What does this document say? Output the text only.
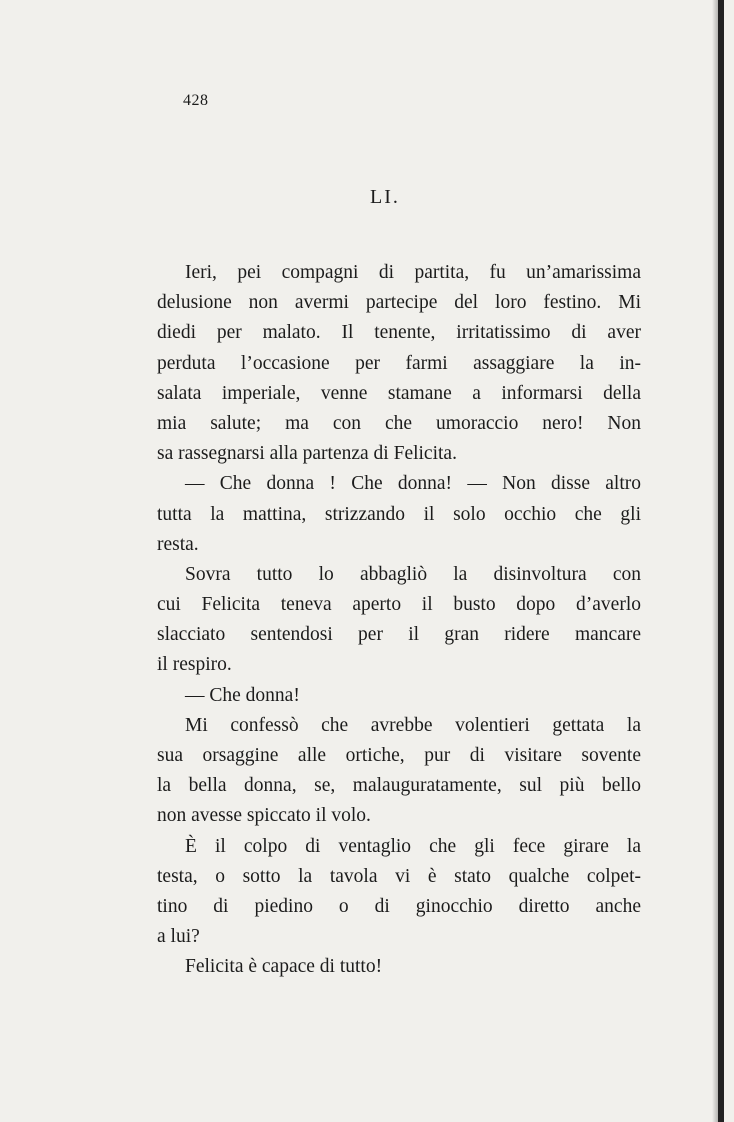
428
LI.
Ieri, pei compagni di partita, fu un’amarissima
delusione non avermi partecipe del loro festino. Mi
diedi per malato. Il tenente, irritatissimo di aver
perduta l’occasione per farmi assaggiare la in-
salata imperiale, venne stamane a informarsi della
mia salute; ma con che umoraccio nero! Non
sa rassegnarsi alla partenza di Felicita.
— Che donna ! Che donna! — Non disse altro
tutta la mattina, strizzando il solo occhio che gli
resta.
Sovra tutto lo abbagliò la disinvoltura con
cui Felicita teneva aperto il busto dopo d’averlo
slacciato sentendosi per il gran ridere mancare
il respiro.
— Che donna!
Mi confessò che avrebbe volentieri gettata la
sua orsaggine alle ortiche, pur di visitare sovente
la bella donna, se, malauguratamente, sul più bello
non avesse spiccato il volo.
È il colpo di ventaglio che gli fece girare la
testa, o sotto la tavola vi è stato qualche colpet-
tino di piedino o di ginocchio diretto anche
a lui?
Felicita è capace di tutto!
